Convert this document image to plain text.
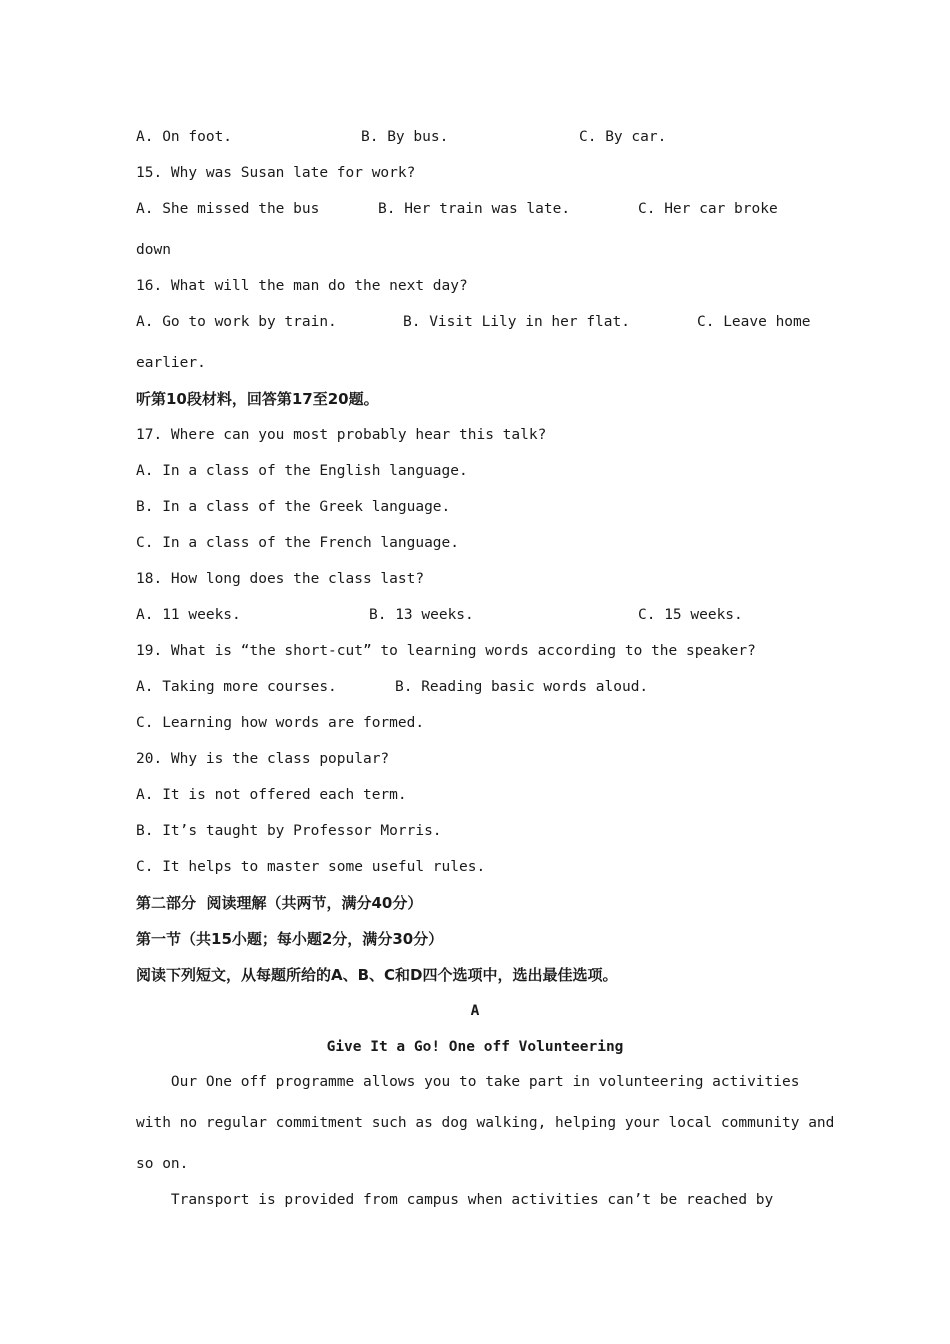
A. On foot.	B. By bus.	C. By car.
15. Why was Susan late for work?
A. She missed the bus	B. Her train was late.	C. Her car broke
down
16. What will the man do the next day?
A. Go to work by train.	B. Visit Lily in her flat.	C. Leave home
earlier.
听第10段材料，回答第17至20题。
17. Where can you most probably hear this talk?
A. In a class of the English language.
B. In a class of the Greek language.
C. In a class of the French language.
18. How long does the class last?
A. 11 weeks.	B. 13 weeks.	C. 15 weeks.
19. What is “the short-cut” to learning words according to the speaker?
A. Taking more courses.	B. Reading basic words aloud.
C. Learning how words are formed.
20. Why is the class popular?
A. It is not offered each term.
B. It’s taught by Professor Morris.
C. It helps to master some useful rules.
第二部分  阅读理解（共两节，满分40分）
第一节（共15小题；每小题2分，满分30分）
阅读下列短文，从每题所给的A、B、C和D四个选项中，选出最佳选项。
A
Give It a Go! One off Volunteering
Our One off programme allows you to take part in volunteering activities
with no regular commitment such as dog walking, helping your local community and
so on.
Transport is provided from campus when activities can’t be reached by
